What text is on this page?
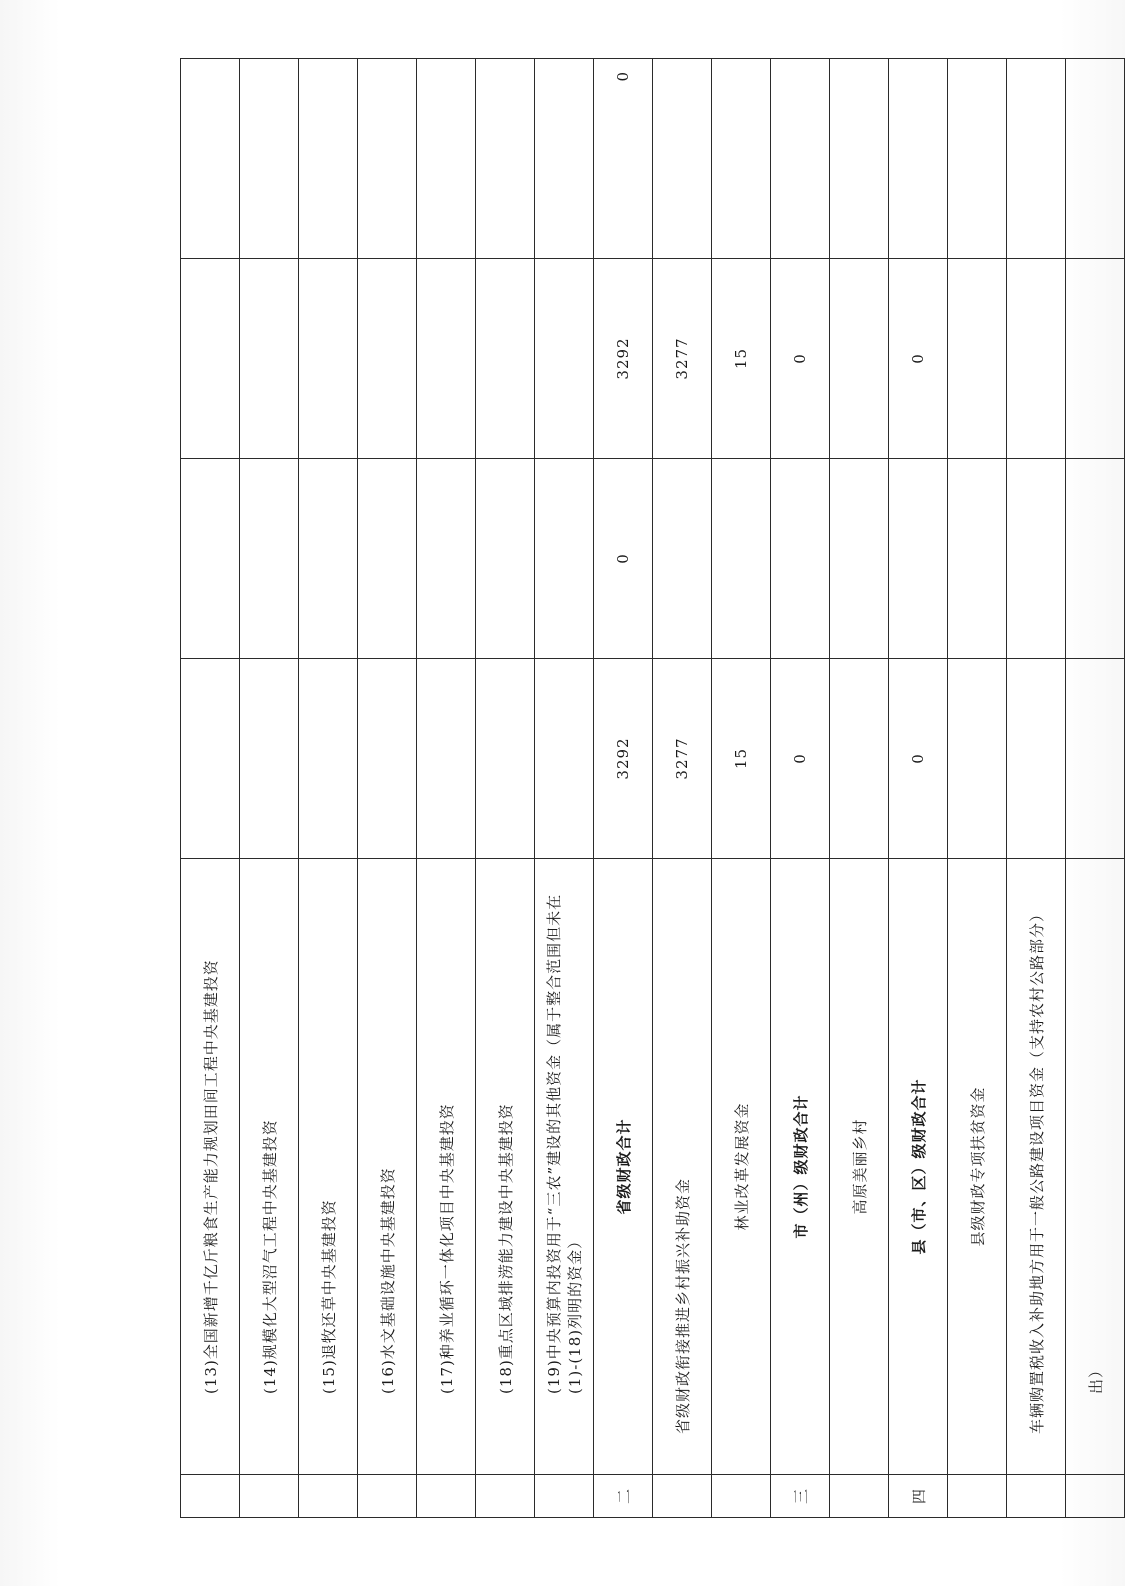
	(13)全国新增千亿斤粮食生产能力规划田间工程中央基建投资				
	(14)规模化大型沼气工程中央基建投资				
	(15)退牧还草中央基建投资				
	(16)水文基础设施中央基建投资				
	(17)种养业循环一体化项目中央基建投资				
	(18)重点区域排涝能力建设中央基建投资				
	(19)中央预算内投资用于“三农”建设的其他资金（属于整合范围但未在(1)-(18)列明的资金）				
二	省级财政合计	3292	0	3292	0
	省级财政衔接推进乡村振兴补助资金	3277		3277	
	林业改革发展资金	15		15	
三	市（州）级财政合计	0		0	
	高原美丽乡村				
四	县（市、区）级财政合计	0		0	
	县级财政专项扶贫资金				
	车辆购置税收入补助地方用于一般公路建设项目资金（支持农村公路部分）				
	出）				
